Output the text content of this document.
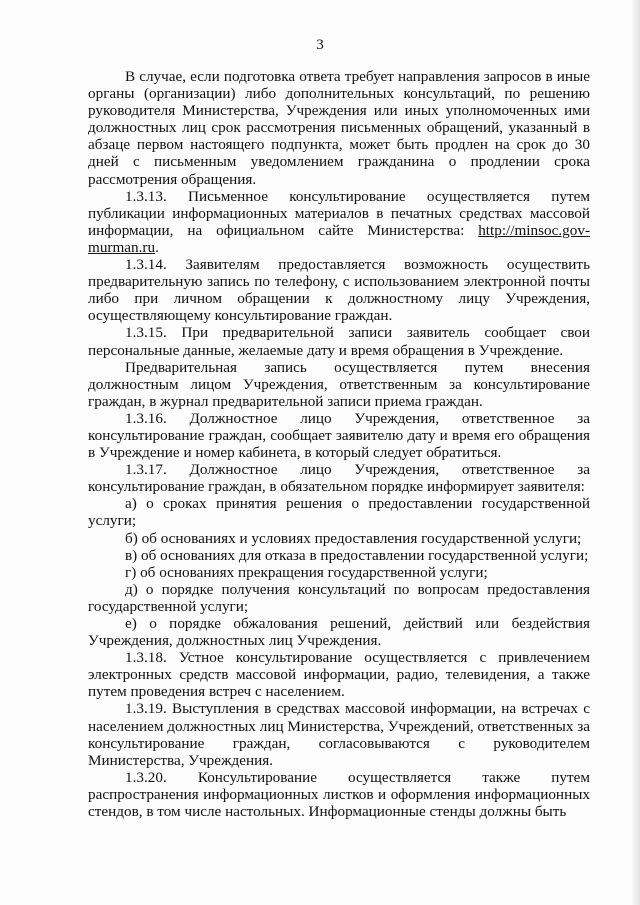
3

В случае, если подготовка ответа требует направления запросов в иные органы (организации) либо дополнительных консультаций, по решению руководителя Министерства, Учреждения или иных уполномоченных ими должностных лиц срок рассмотрения письменных обращений, указанный в абзаце первом настоящего подпункта, может быть продлен на срок до 30 дней с письменным уведомлением гражданина о продлении срока рассмотрения обращения.

1.3.13. Письменное консультирование осуществляется путем публикации информационных материалов в печатных средствах массовой информации, на официальном сайте Министерства: http://minsoc.gov-murman.ru.

1.3.14. Заявителям предоставляется возможность осуществить предварительную запись по телефону, с использованием электронной почты либо при личном обращении к должностному лицу Учреждения, осуществляющему консультирование граждан.

1.3.15. При предварительной записи заявитель сообщает свои персональные данные, желаемые дату и время обращения в Учреждение.

Предварительная запись осуществляется путем внесения должностным лицом Учреждения, ответственным за консультирование граждан, в журнал предварительной записи приема граждан.

1.3.16. Должностное лицо Учреждения, ответственное за консультирование граждан, сообщает заявителю дату и время его обращения в Учреждение и номер кабинета, в который следует обратиться.

1.3.17. Должностное лицо Учреждения, ответственное за консультирование граждан, в обязательном порядке информирует заявителя:

а) о сроках принятия решения о предоставлении государственной услуги;

б) об основаниях и условиях предоставления государственной услуги;

в) об основаниях для отказа в предоставлении государственной услуги;

г) об основаниях прекращения государственной услуги;

д) о порядке получения консультаций по вопросам предоставления государственной услуги;

е) о порядке обжалования решений, действий или бездействия Учреждения, должностных лиц Учреждения.

1.3.18. Устное консультирование осуществляется с привлечением электронных средств массовой информации, радио, телевидения, а также путем проведения встреч с населением.

1.3.19. Выступления в средствах массовой информации, на встречах с населением должностных лиц Министерства, Учреждений, ответственных за консультирование граждан, согласовываются с руководителем Министерства, Учреждения.

1.3.20. Консультирование осуществляется также путем распространения информационных листков и оформления информационных стендов, в том числе настольных. Информационные стенды должны быть
